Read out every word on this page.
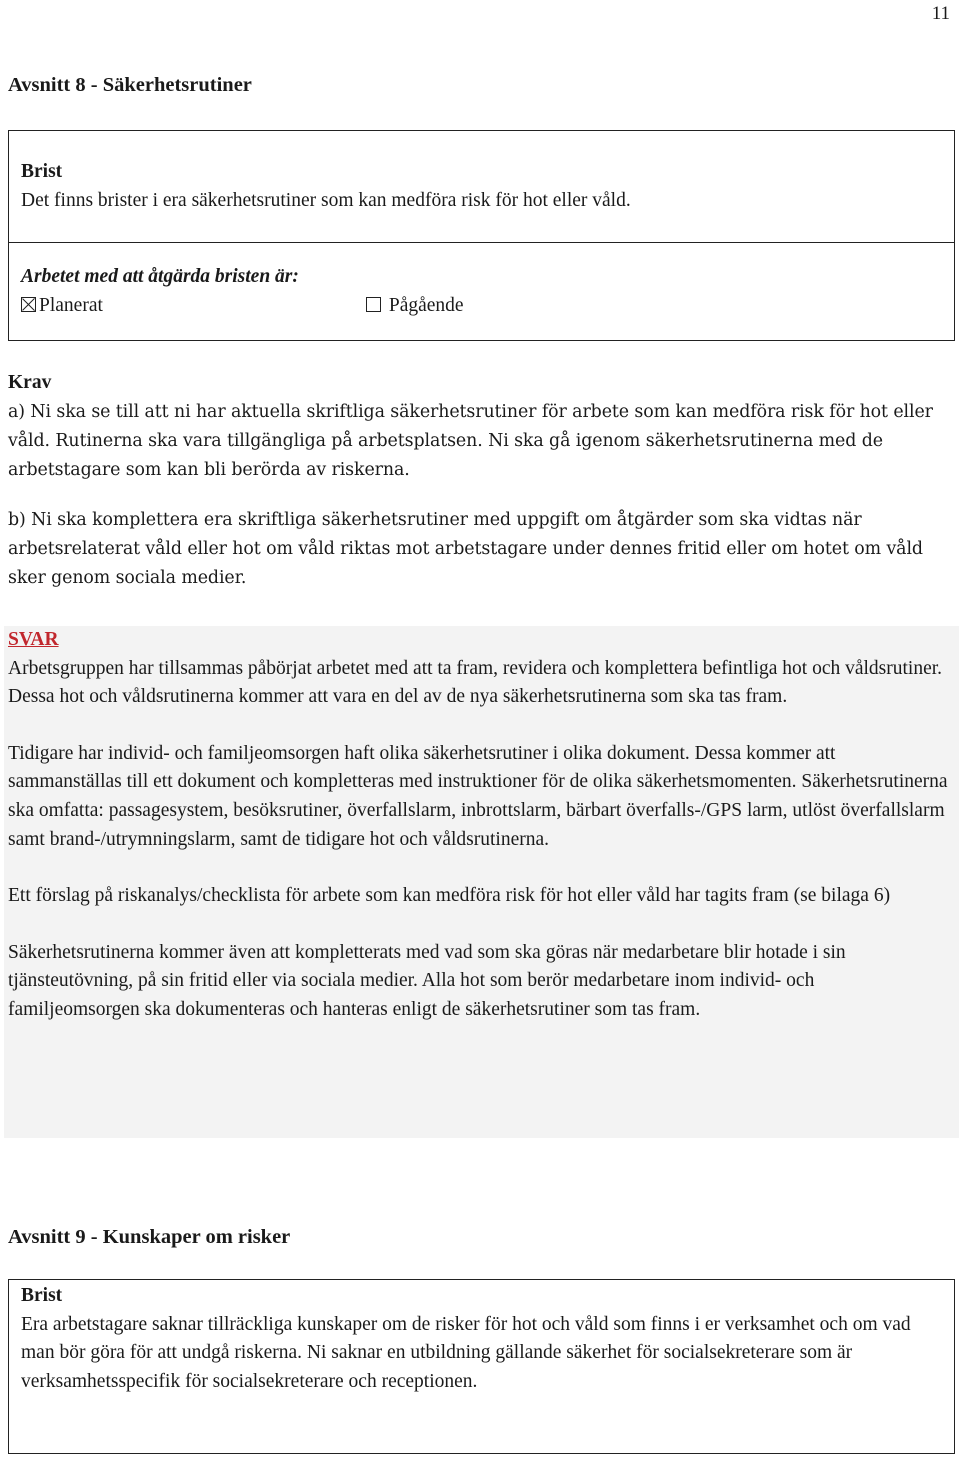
11
Avsnitt 8 - Säkerhetsrutiner
Brist
Det finns brister i era säkerhetsrutiner som kan medföra risk för hot eller våld.
Arbetet med att åtgärda bristen är:
Planerat	Pågående
Krav

a) Ni ska se till att ni har aktuella skriftliga säkerhetsrutiner för arbete som kan medföra risk för hot eller våld. Rutinerna ska vara tillgängliga på arbetsplatsen. Ni ska gå igenom säkerhetsrutinerna med de arbetstagare som kan bli berörda av riskerna.

b) Ni ska komplettera era skriftliga säkerhetsrutiner med uppgift om åtgärder som ska vidtas när arbetsrelaterat våld eller hot om våld riktas mot arbetstagare under dennes fritid eller om hotet om våld sker genom sociala medier.

SVAR

Arbetsgruppen har tillsammas påbörjat arbetet med att ta fram, revidera och komplettera befintliga hot och våldsrutiner. Dessa hot och våldsrutinerna kommer att vara en del av de nya säkerhetsrutinerna som ska tas fram.

Tidigare har individ- och familjeomsorgen haft olika säkerhetsrutiner i olika dokument. Dessa kommer att sammanställas till ett dokument och kompletteras med instruktioner för de olika säkerhetsmomenten. Säkerhetsrutinerna ska omfatta: passagesystem, besöksrutiner, överfallslarm, inbrottslarm, bärbart överfalls-/GPS larm, utlöst överfallslarm samt brand-/utrymningslarm, samt de tidigare hot och våldsrutinerna.

Ett förslag på riskanalys/checklista för arbete som kan medföra risk för hot eller våld har tagits fram (se bilaga 6)

Säkerhetsrutinerna kommer även att kompletterats med vad som ska göras när medarbetare blir hotade i sin tjänsteutövning, på sin fritid eller via sociala medier. Alla hot som berör medarbetare inom individ- och familjeomsorgen ska dokumenteras och hanteras enligt de säkerhetsrutiner som tas fram.

Avsnitt 9 - Kunskaper om risker
Brist

Era arbetstagare saknar tillräckliga kunskaper om de risker för hot och våld som finns i er verksamhet och om vad man bör göra för att undgå riskerna. Ni saknar en utbildning gällande säkerhet för socialsekreterare som är verksamhetsspecifik för socialsekreterare och receptionen.
